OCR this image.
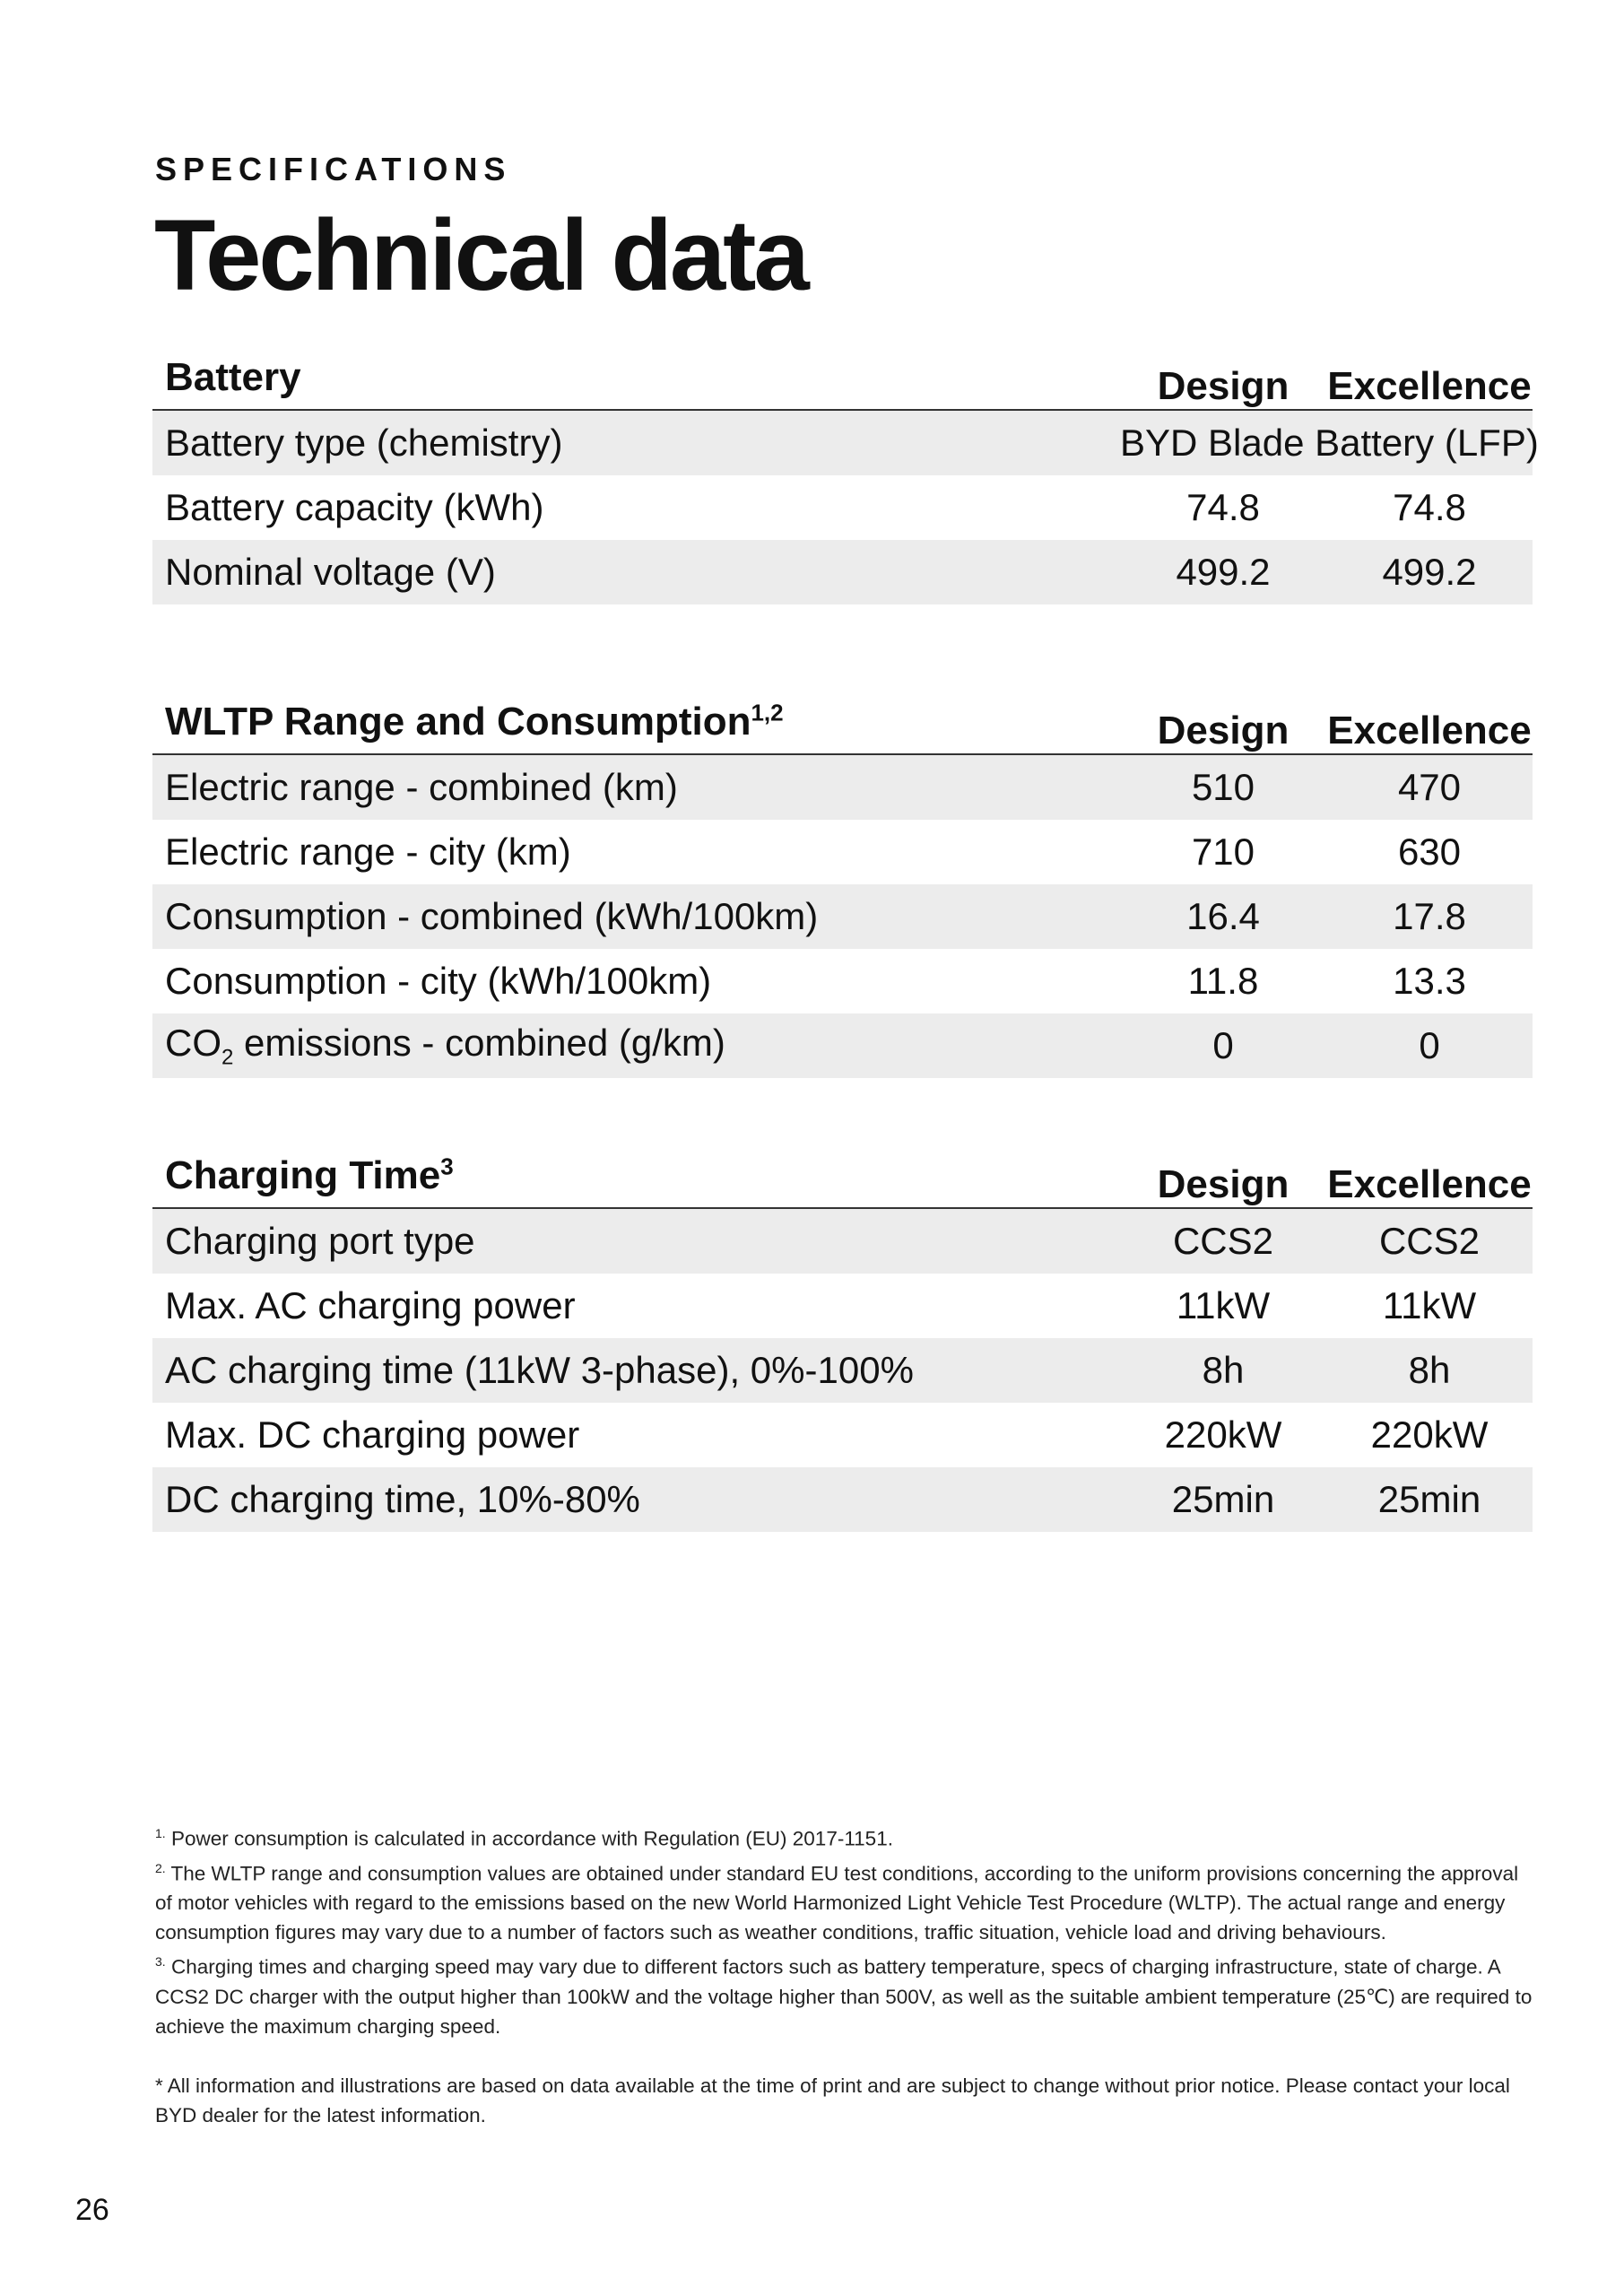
SPECIFICATIONS

Technical data
Battery	Design	Excellence
Battery type (chemistry)	BYD Blade Battery (LFP)	
Battery capacity (kWh)	74.8	74.8
Nominal voltage (V)	499.2	499.2
WLTP Range and Consumption$^{1,2}$	Design	Excellence
Electric range - combined (km)	510	470
Electric range - city (km)	710	630
Consumption - combined (kWh/100km)	16.4	17.8
Consumption - city (kWh/100km)	11.8	13.3
$CO_2$ emissions - combined (g/km)	0	0
Charging Time$^3$	Design	Excellence
Charging port type	CCS2	CCS2
Max. AC charging power	11kW	11kW
AC charging time (11kW 3-phase), 0%-100%	8h	8h
Max. DC charging power	220kW	220kW
DC charging time, 10%-80%	25min	25min

$^{1.}$ Power consumption is calculated in accordance with Regulation (EU) 2017-1151.

$^{2.}$ The WLTP range and consumption values are obtained under standard EU test conditions, according to the uniform provisions concerning the approval of motor vehicles with regard to the emissions based on the new World Harmonized Light Vehicle Test Procedure (WLTP). The actual range and energy consumption figures may vary due to a number of factors such as weather conditions, traffic situation, vehicle load and driving behaviours.

$^{3.}$ Charging times and charging speed may vary due to different factors such as battery temperature, specs of charging infrastructure, state of charge. A CCS2 DC charger with the output higher than 100kW and the voltage higher than 500V, as well as the suitable ambient temperature (25℃) are required to achieve the maximum charging speed.

* All information and illustrations are based on data available at the time of print and are subject to change without prior notice. Please contact your local BYD dealer for the latest information.

26
